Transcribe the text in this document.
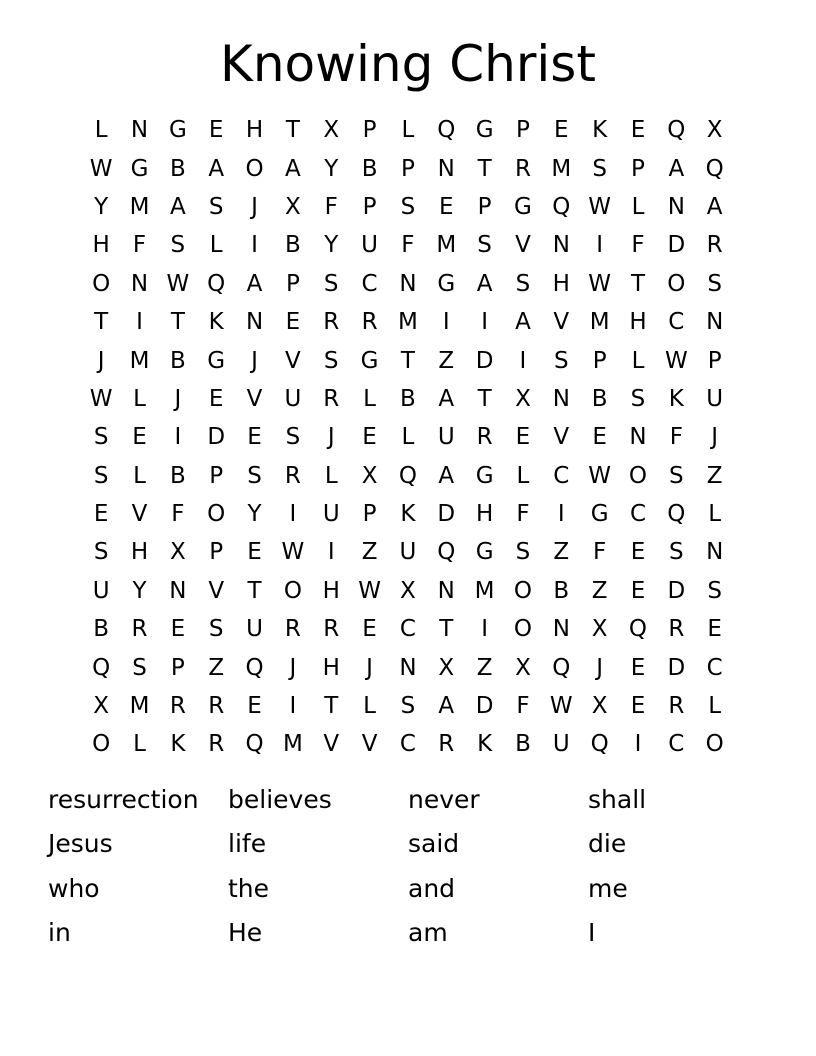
Knowing Christ
L	N G E H T	X	P	L Q G P	E	K	E Q X
W G B A O A	Y	B	P N T	R M S	P	A Q
Y M A	S	J	X	F	P	S	E	P G Q W L	N A
H	F	S	L	I	B	Y U	F M S	V N	I	F D R
O N W Q A	P	S	C N G A	S H W T O S
T	I	T	K N E	R R M	I	I	A V M H C N
J	M B G	J	V	S G T	Z D	I	S	P	L W P
W L	J	E	V U R	L	B A	T	X N B	S	K U
S	E	I	D E	S	J	E	L	U R	E	V	E N	F	J
S	L	B	P	S	R	L	X Q A G	L	C W O S	Z
E	V	F O Y	I	U P	K D H	F	I	G C Q L
S H X	P	E W	I	Z U Q G S	Z	F	E	S N
U Y N V	T O H W X N M O B Z	E D S
B R	E	S U R R	E	C	T	I	O N X Q R	E
Q S	P	Z Q	J	H	J	N X Z X Q	J	E D C
X M R R	E	I	T	L	S	A D F W X	E	R	L
O L	K R Q M V V C R K B U Q	I	C O
resurrection	believes	never	shall
Jesus	life	said	die
who	the	and	me
in	He	am	I
